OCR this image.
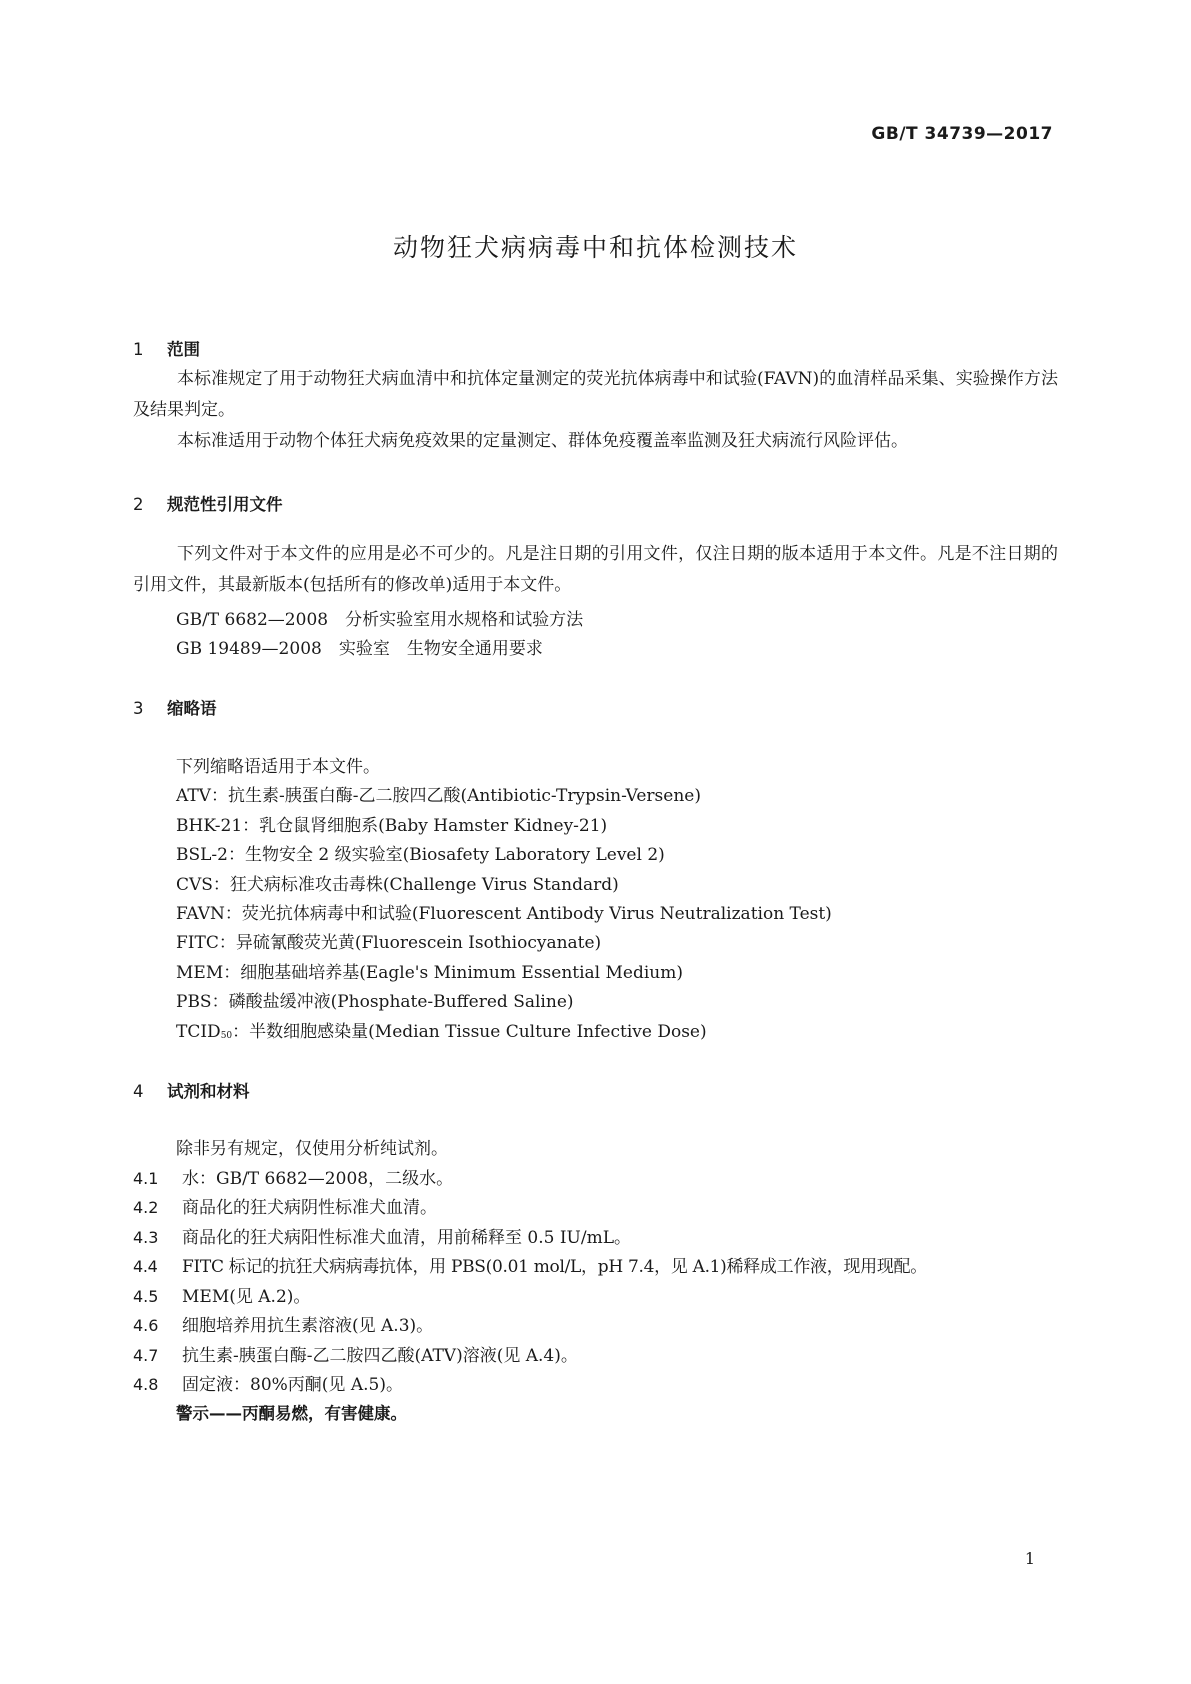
GB/T 34739—2017
动物狂犬病病毒中和抗体检测技术
1 范围

本标准规定了用于动物狂犬病血清中和抗体定量测定的荧光抗体病毒中和试验(FAVN)的血清样品采集、实验操作方法及结果判定。

本标准适用于动物个体狂犬病免疫效果的定量测定、群体免疫覆盖率监测及狂犬病流行风险评估。

2 规范性引用文件

下列文件对于本文件的应用是必不可少的。凡是注日期的引用文件，仅注日期的版本适用于本文件。凡是不注日期的引用文件，其最新版本(包括所有的修改单)适用于本文件。

GB/T 6682—2008　分析实验室用水规格和试验方法
GB 19489—2008　实验室　生物安全通用要求
3 缩略语
下列缩略语适用于本文件。
ATV：抗生素-胰蛋白酶-乙二胺四乙酸(Antibiotic-Trypsin-Versene)
BHK-21：乳仓鼠肾细胞系(Baby Hamster Kidney-21)
BSL-2：生物安全 2 级实验室(Biosafety Laboratory Level 2)
CVS：狂犬病标准攻击毒株(Challenge Virus Standard)
FAVN：荧光抗体病毒中和试验(Fluorescent Antibody Virus Neutralization Test)
FITC：异硫氰酸荧光黄(Fluorescein Isothiocyanate)
MEM：细胞基础培养基(Eagle's Minimum Essential Medium)
PBS：磷酸盐缓冲液(Phosphate-Buffered Saline)
$TCID_{50}$：半数细胞感染量(Median Tissue Culture Infective Dose)
4 试剂和材料
除非另有规定，仅使用分析纯试剂。
4.1 水：GB/T 6682—2008，二级水。
4.2 商品化的狂犬病阴性标准犬血清。
4.3 商品化的狂犬病阳性标准犬血清，用前稀释至 0.5 IU/mL。
4.4 FITC 标记的抗狂犬病病毒抗体，用 PBS(0.01 mol/L，pH 7.4，见 A.1)稀释成工作液，现用现配。
4.5 MEM(见 A.2)。
4.6 细胞培养用抗生素溶液(见 A.3)。
4.7 抗生素-胰蛋白酶-乙二胺四乙酸(ATV)溶液(见 A.4)。
4.8 固定液：80%丙酮(见 A.5)。
警示——丙酮易燃，有害健康。
1
